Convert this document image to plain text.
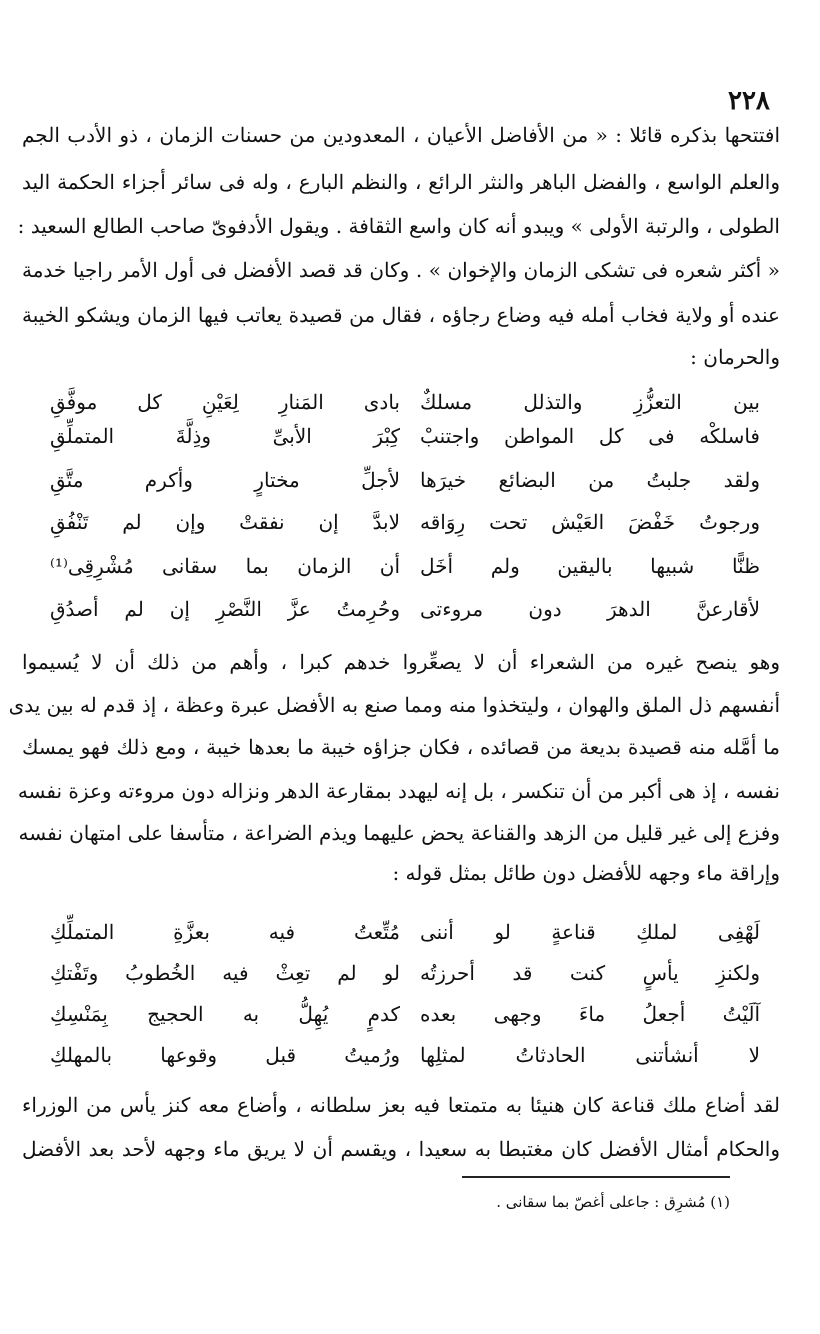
٢٢٨
افتتحها بذكره قائلا : « من الأفاضل الأعيان ، المعدودين من حسنات الزمان ، ذو الأدب الجم
والعلم الواسع ، والفضل الباهر والنثر الرائع ، والنظم البارع ، وله فى سائر أجزاء الحكمة اليد
الطولى ، والرتبة الأولى » ويبدو أنه كان واسع الثقافة . ويقول الأدفوىّ صاحب الطالع السعيد :
« أكثر شعره فى تشكى الزمان والإخوان » . وكان قد قصد الأفضل فى أول الأمر راجيا خدمة
عنده أو ولاية فخاب أمله فيه وضاع رجاؤه ، فقال من قصيدة يعاتب فيها الزمان ويشكو الخيبة
والحرمان :
بين التعزُّزِ والتذلل مسلكٌ
بادى المَنارِ لِعَيْنِ كل موفَّقِ
فاسلكْه فى كل المواطن واجتنبْ
كِبْرَ الأبىِّ وذِلَّةَ المتملِّقِ
ولقد جلبتُ من البضائع خيرَها
لأجلِّ مختارٍ وأكرم متَّقِ
ورجوتُ خَفْضَ العَيْش تحت رِوَاقه
لابدَّ إن نفقتْ وإن لم تَنْفُقِ
ظنًّا شبيها باليقين ولم أخَل
أن الزمان بما سقانى مُشْرِقِى⁽¹⁾
لأقارعنَّ الدهرَ دون مروءتى
وحُرِمتُ عزَّ النَّصْرِ إن لم أصدُقِ
وهو ينصح غيره من الشعراء أن لا يصعِّروا خدهم كبرا ، وأهم من ذلك أن لا يُسيموا
أنفسهم ذل الملق والهوان ، وليتخذوا منه ومما صنع به الأفضل عبرة وعظة ، إذ قدم له بين يدى
ما أمَّله منه قصيدة بديعة من قصائده ، فكان جزاؤه خيبة ما بعدها خيبة ، ومع ذلك فهو يمسك
نفسه ، إذ هى أكبر من أن تنكسر ، بل إنه ليهدد بمقارعة الدهر ونزاله دون مروءته وعزة نفسه
وفزع إلى غير قليل من الزهد والقناعة يحض عليهما ويذم الضراعة ، متأسفا على امتهان نفسه
وإراقة ماء وجهه للأفضل دون طائل بمثل قوله :
لَهْفِى لملكِ قناعةٍ لو أننى
مُتِّعتُ فيه بعزَّةِ المتملِّكِ
ولكنزِ يأسٍ كنت قد أحرزتُه
لو لم تعِثْ فيه الخُطوبُ وتَفْتكِ
آلَيْتُ أجعلُ ماءَ وجهى بعده
كدمٍ يُهِلُّ به الحجيج بِمَنْسِكِ
لا أنشأتنى الحادثاتُ لمثلِها
ورُميتُ قبل وقوعها بالمهلكِ
لقد أضاع ملك قناعة كان هنيئا به متمتعا فيه بعز سلطانه ، وأضاع معه كنز يأس من الوزراء
والحكام أمثال الأفضل كان مغتبطا به سعيدا ، ويقسم أن لا يريق ماء وجهه لأحد بعد الأفضل
(١) مُشرِق : جاعلى أغصّ بما سقانى .
